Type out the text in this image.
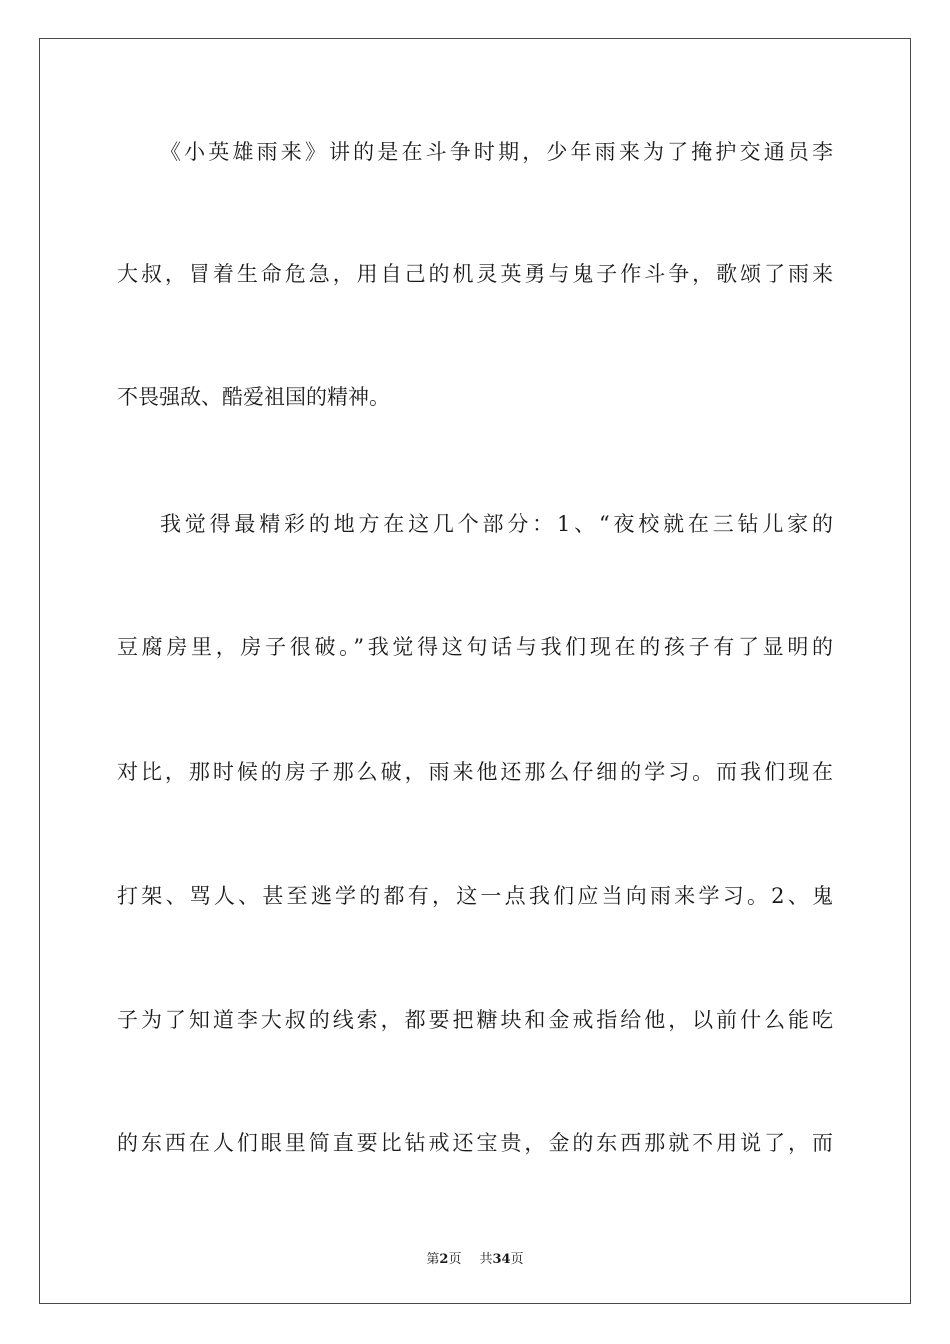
《小英雄雨来》讲的是在斗争时期，少年雨来为了掩护交通员李
大叔，冒着生命危急，用自己的机灵英勇与鬼子作斗争，歌颂了雨来
不畏强敌、酷爱祖国的精神。
我觉得最精彩的地方在这几个部分：1、“夜校就在三钻儿家的
豆腐房里，房子很破。”我觉得这句话与我们现在的孩子有了显明的
对比，那时候的房子那么破，雨来他还那么仔细的学习。而我们现在
打架、骂人、甚至逃学的都有，这一点我们应当向雨来学习。2、鬼
子为了知道李大叔的线索，都要把糖块和金戒指给他，以前什么能吃
的东西在人们眼里简直要比钻戒还宝贵，金的东西那就不用说了，而
第2页 共34页
